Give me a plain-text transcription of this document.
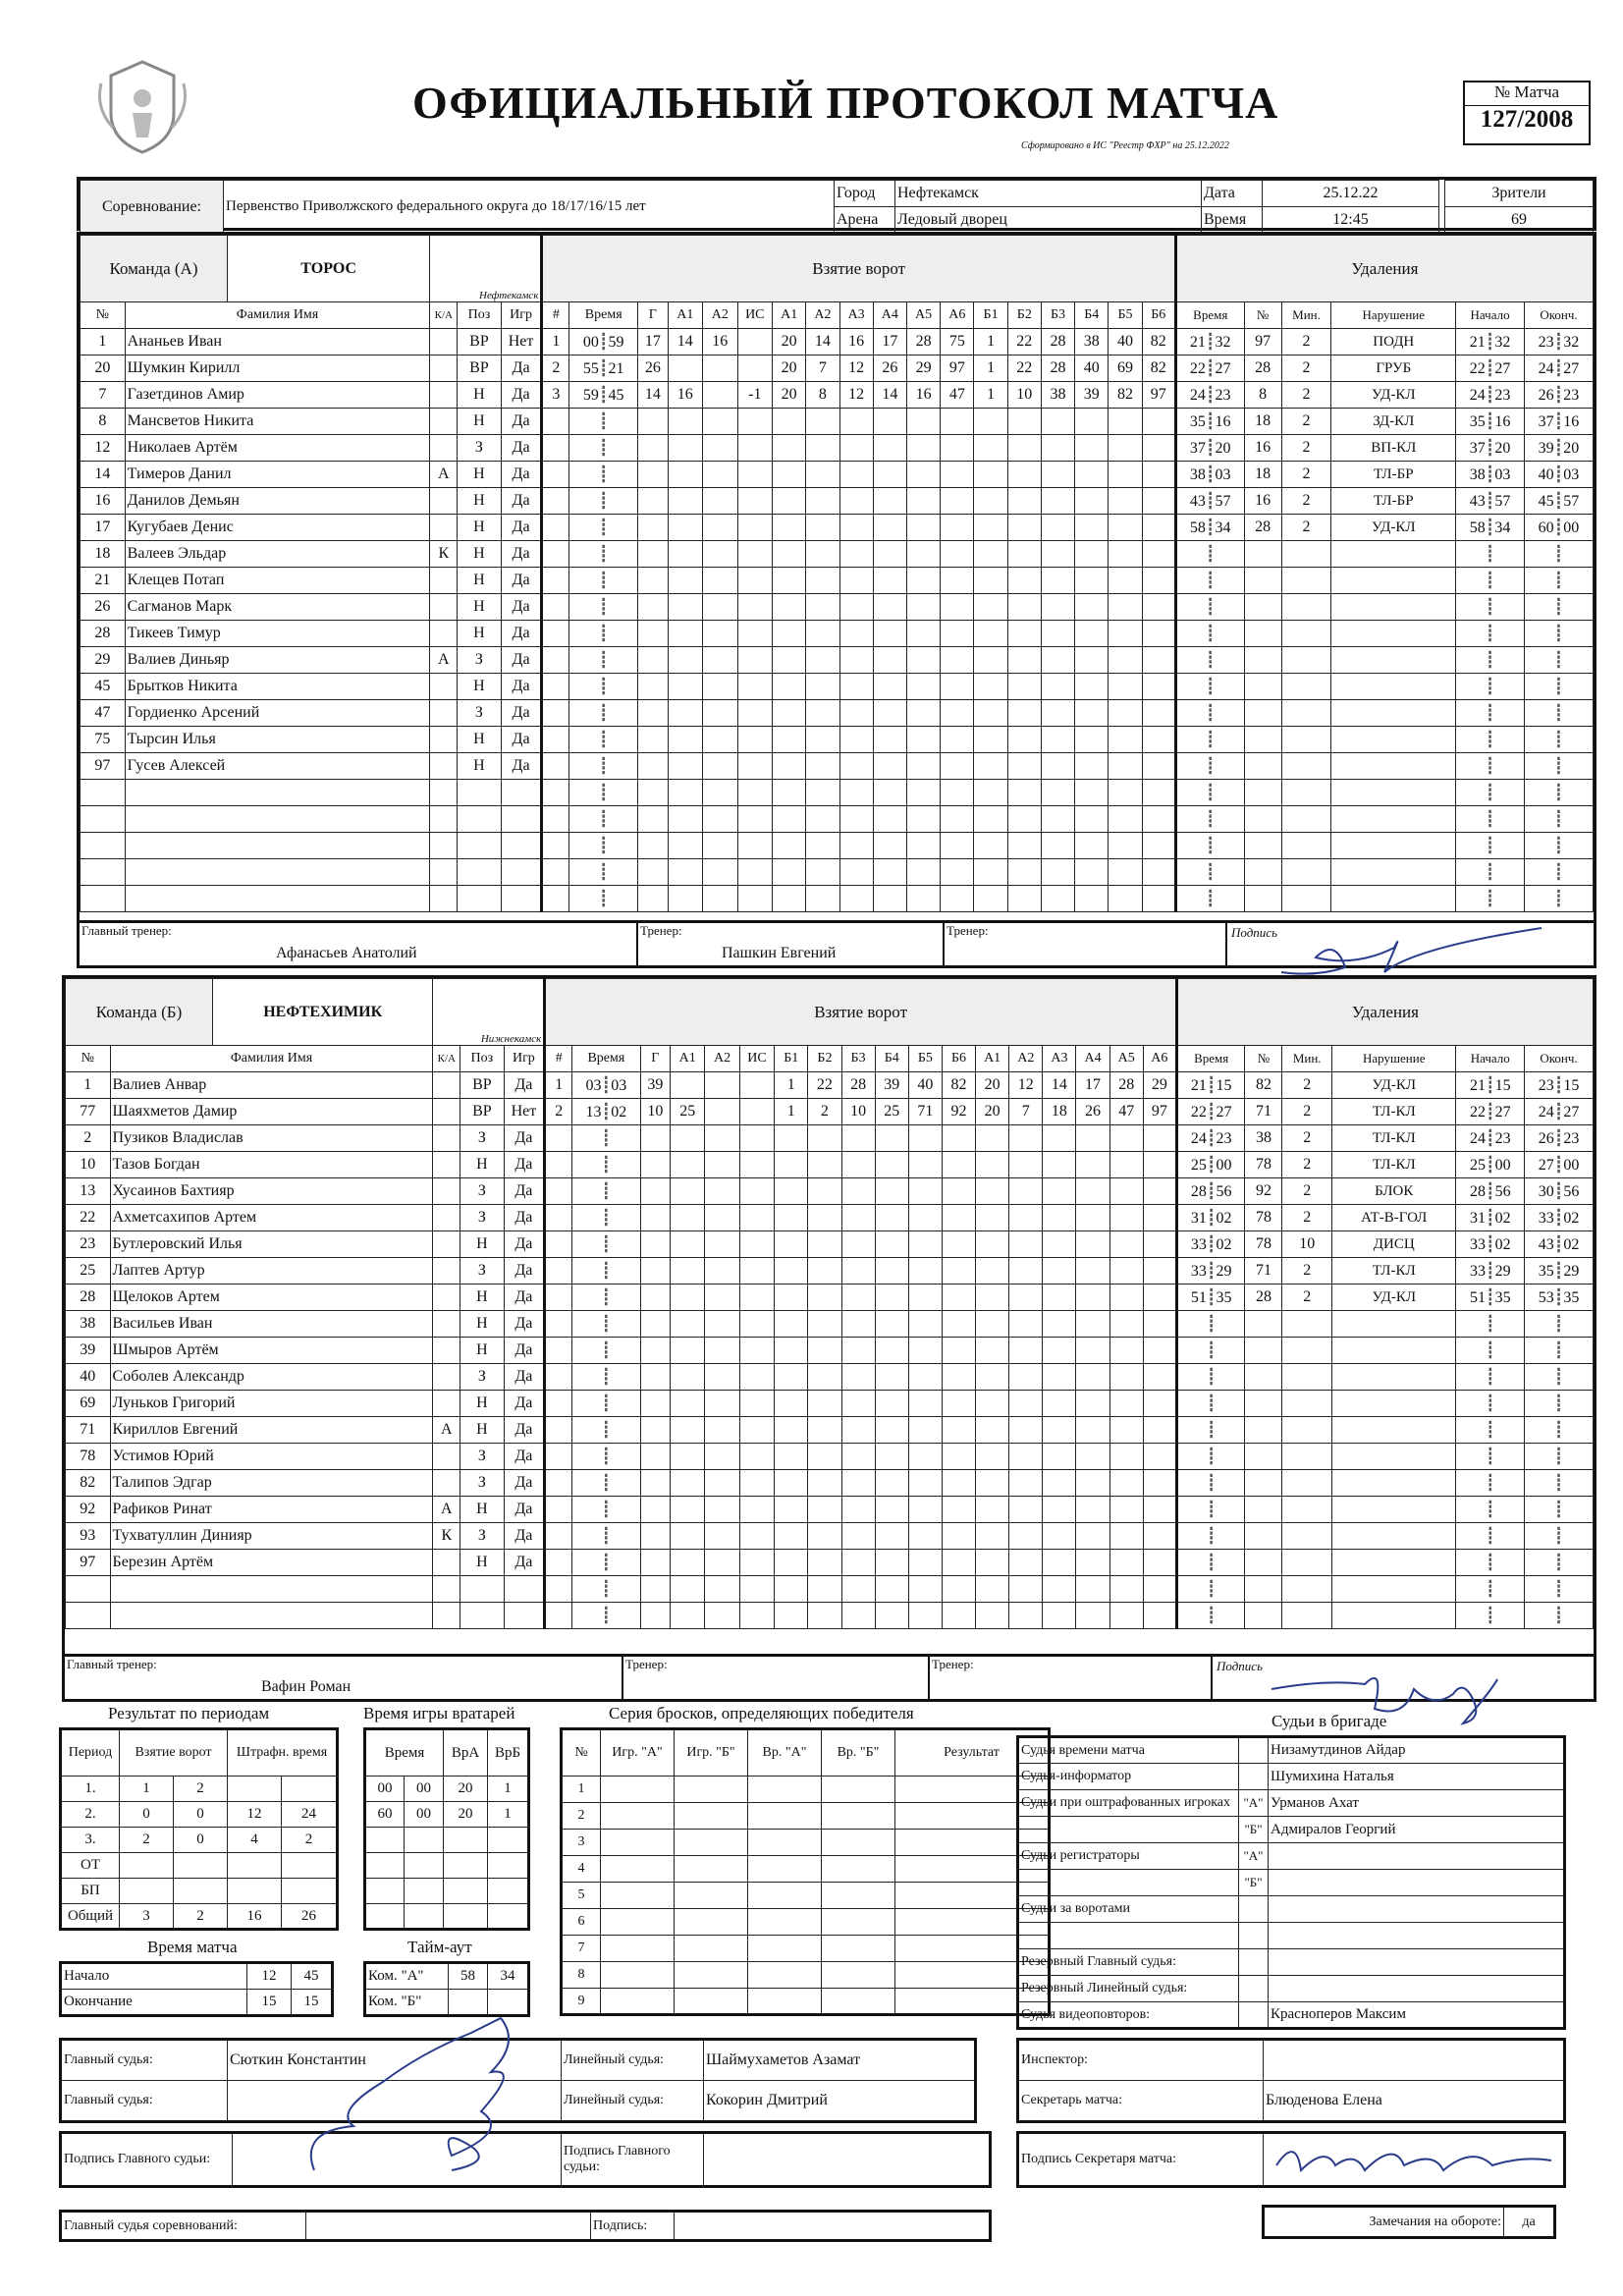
ОФИЦИАЛЬНЫЙ ПРОТОКОЛ МАТЧА
Сформировано в ИС "Реестр ФХР" на 25.12.2022
№ Матча
127/2008
Соревнование:	Первенство Приволжского федерального округа до 18/17/16/15 лет	Город	Нефтекамск	Дата	25.12.22		Зрители
		Арена	Ледовый дворец	Время	12:45		69
Команда (А) ТОРОС		Нефтекамск			Взятие ворот																		Удаления					
№	Фамилия Имя	К/А	Поз	Игр	#	Время	Г	А1	А2	ИС	А1	А2	А3	А4	А5	А6	Б1	Б2	Б3	Б4	Б5	Б6	Время	№	Мин.	Нарушение	Начало	Оконч.
1	Ананьев Иван		ВР	Нет	1	00┋59	17	14	16		20	14	16	17	28	75	1	22	28	38	40	82	21┋32	97	2	ПОДН	21┋32	23┋32
20	Шумкин Кирилл		ВР	Да	2	55┋21	26				20	7	12	26	29	97	1	22	28	40	69	82	22┋27	28	2	ГРУБ	22┋27	24┋27
7	Газетдинов Амир		Н	Да	3	59┋45	14	16		-1	20	8	12	14	16	47	1	10	38	39	82	97	24┋23	8	2	УД-КЛ	24┋23	26┋23
8	Мансветов Никита		Н	Да		┋																	35┋16	18	2	ЗД-КЛ	35┋16	37┋16
12	Николаев Артём		З	Да		┋																	37┋20	16	2	ВП-КЛ	37┋20	39┋20
14	Тимеров Данил	А	Н	Да		┋																	38┋03	18	2	ТЛ-БР	38┋03	40┋03
16	Данилов Демьян		Н	Да		┋																	43┋57	16	2	ТЛ-БР	43┋57	45┋57
17	Кугубаев Денис		Н	Да		┋																	58┋34	28	2	УД-КЛ	58┋34	60┋00
18	Валеев Эльдар	К	Н	Да		┋																	┋				┋	┋
21	Клещев Потап		Н	Да		┋																	┋				┋	┋
26	Сагманов Марк		Н	Да		┋																	┋				┋	┋
28	Тикеев Тимур		Н	Да		┋																	┋				┋	┋
29	Валиев Диньяр	А	З	Да		┋																	┋				┋	┋
45	Брытков Никита		Н	Да		┋																	┋				┋	┋
47	Гордиенко Арсений		З	Да		┋																	┋				┋	┋
75	Тырсин Илья		Н	Да		┋																	┋				┋	┋
97	Гусев Алексей		Н	Да		┋																	┋				┋	┋
						┋																	┋				┋	┋
						┋																	┋				┋	┋
						┋																	┋				┋	┋
						┋																	┋				┋	┋
						┋																	┋				┋	┋
Главный тренер:
Афанасьев Анатолий
Тренер:
Пашкин Евгений
Тренер:	Подпись
Команда (Б) НЕФТЕХИМИК		Нижнекамск			Взятие ворот																		Удаления					
№	Фамилия Имя	К/А	Поз	Игр	#	Время	Г	А1	А2	ИС	Б1	Б2	Б3	Б4	Б5	Б6	А1	А2	А3	А4	А5	А6	Время	№	Мин.	Нарушение	Начало	Оконч.
1	Валиев Анвар		ВР	Да	1	03┋03	39				1	22	28	39	40	82	20	12	14	17	28	29	21┋15	82	2	УД-КЛ	21┋15	23┋15
77	Шаяхметов Дамир		ВР	Нет	2	13┋02	10	25			1	2	10	25	71	92	20	7	18	26	47	97	22┋27	71	2	ТЛ-КЛ	22┋27	24┋27
2	Пузиков Владислав		З	Да		┋																	24┋23	38	2	ТЛ-КЛ	24┋23	26┋23
10	Тазов Богдан		Н	Да		┋																	25┋00	78	2	ТЛ-КЛ	25┋00	27┋00
13	Хусаинов Бахтияр		З	Да		┋																	28┋56	92	2	БЛОК	28┋56	30┋56
22	Ахметсахипов Артем		З	Да		┋																	31┋02	78	2	АТ-В-ГОЛ	31┋02	33┋02
23	Бутлеровский Илья		Н	Да		┋																	33┋02	78	10	ДИСЦ	33┋02	43┋02
25	Лаптев Артур		З	Да		┋																	33┋29	71	2	ТЛ-КЛ	33┋29	35┋29
28	Щелоков Артем		Н	Да		┋																	51┋35	28	2	УД-КЛ	51┋35	53┋35
38	Васильев Иван		Н	Да		┋																	┋				┋	┋
39	Шмыров Артём		Н	Да		┋																	┋				┋	┋
40	Соболев Александр		З	Да		┋																	┋				┋	┋
69	Луньков Григорий		Н	Да		┋																	┋				┋	┋
71	Кириллов Евгений	А	Н	Да		┋																	┋				┋	┋
78	Устимов Юрий		З	Да		┋																	┋				┋	┋
82	Талипов Эдгар		З	Да		┋																	┋				┋	┋
92	Рафиков Ринат	А	Н	Да		┋																	┋				┋	┋
93	Тухватуллин Динияр	К	З	Да		┋																	┋				┋	┋
97	Березин Артём		Н	Да		┋																	┋				┋	┋
						┋																	┋				┋	┋
						┋																	┋				┋	┋
Главный тренер:
Вафин Роман
Тренер:	Тренер:	Подпись
Результат по периодам
Период	Взятие ворот		Штрафн. время	
1.	1	2		
2.	0	0	12	24
3.	2	0	4	2
ОТ				
БП				
Общий	3	2	16	26
Время игры вратарей
Время		ВрА	ВрБ
00	00	20	1
60	00	20	1

Время матча
Начало	12	45
Окончание	15	15
Тайм-аут
Ком. "А"	58	34
Ком. "Б"		
Серия бросков, определяющих победителя
№	Игр. "А"	Игр. "Б"	Вр. "А"	Вр. "Б"	Результат
1					
2					
3					
4					
5					
6					
7					
8					
9					
Судьи в бригаде
Судья времени матча		Низамутдинов Айдар
Судья-информатор		Шумихина Наталья
Судьи при оштрафованных игроках	"А"	Урманов Ахат
	"Б"	Адмиралов Георгий
Судьи регистраторы	"А"	
	"Б"	
Судьи за воротами		

Резервный Главный судья:		
Резервный Линейный судья:		
Судья видеоповторов:		Красноперов Максим
Главный судья:	Сюткин Константин	Линейный судья:	Шаймухаметов Азамат
Главный судья:		Линейный судья:	Кокорин Дмитрий
Инспектор:	
Секретарь матча:	Блюденова Елена
Подпись Главного судьи:		Подпись Главного судьи:	
Подпись Секретаря матча:	
Главный судья соревнований:		Подпись:		Замечания на обороте:	да
